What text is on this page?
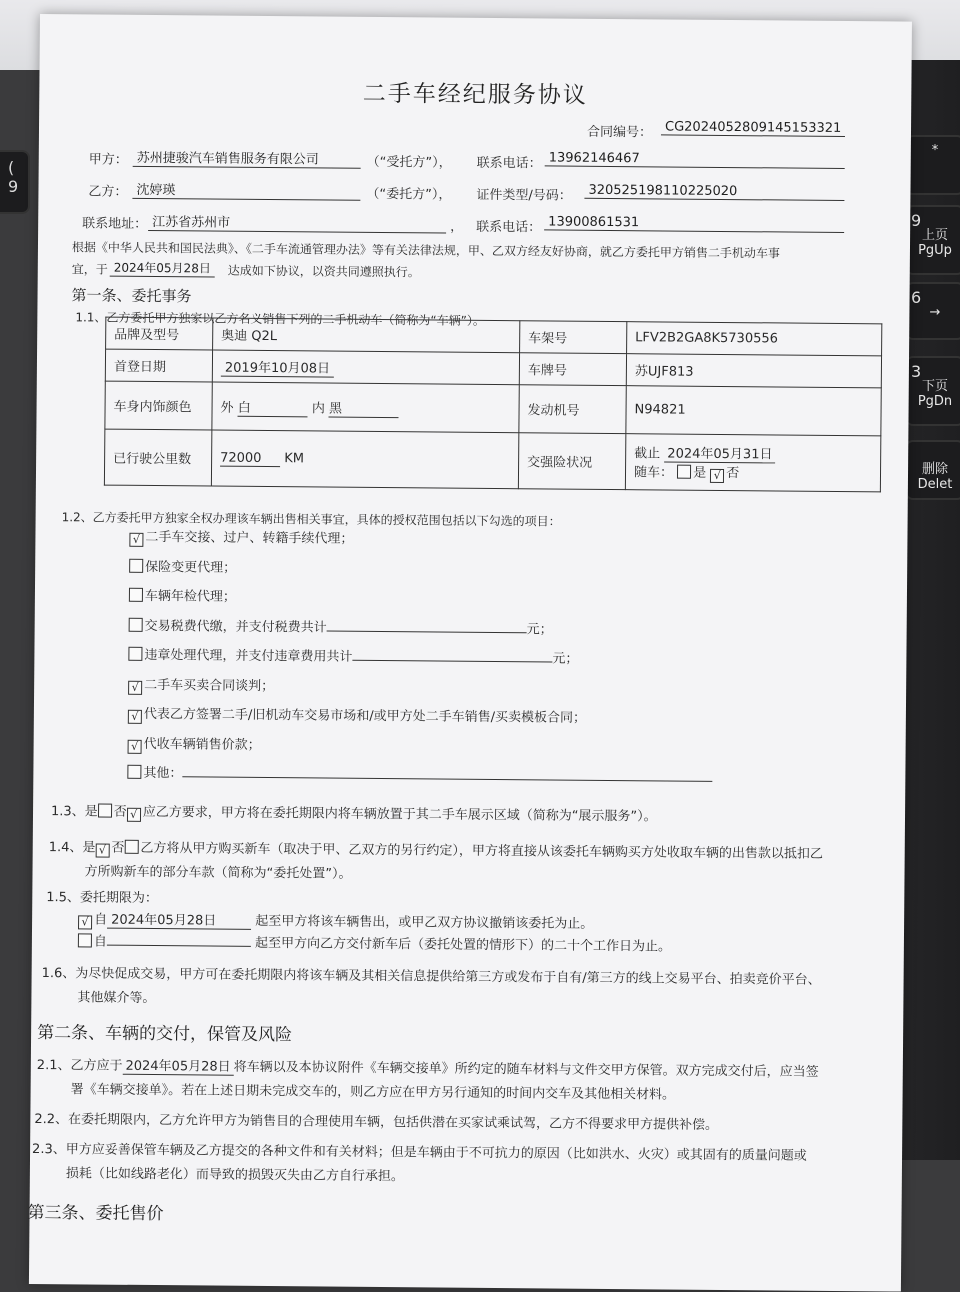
*
9
上页
PgUp
6
→
3
下页
PgDn
删除
Delet
(
9
二手车经纪服务协议
合同编号： CG2024052809145153321
甲方： 苏州捷骏汽车销售服务有限公司	（“受托方”）， 联系电话： 13962146467
乙方： 沈婷瑛	（“委托方”）， 证件类型/号码：	320525198110225020
联系地址： 江苏省苏州市	， 联系电话： 13900861531
根据《中华人民共和国民法典》、《二手车流通管理办法》等有关法律法规，甲、乙双方经友好协商，就乙方委托甲方销售二手机动车事
宜，于 2024年05月28日	达成如下协议，以资共同遵照执行。
第一条、委托事务
1.1、乙方委托甲方独家以乙方名义销售下列的二手机动车（简称为“车辆”）。
品牌及型号	奥迪 Q2L	车架号	LFV2B2GA8K5730556
首登日期	2019年10月08日	车牌号	苏UJF813
车身内饰颜色	外 白 内 黑	发动机号	N94821
已行驶公里数	72000 KM	交强险状况	截止 2024年05月31日
随车： 是 √ 否
1.2、乙方委托甲方独家全权办理该车辆出售相关事宜，具体的授权范围包括以下勾选的项目：
√ 二手车交接、过户、转籍手续代理；
保险变更代理；
车辆年检代理；
交易税费代缴，并支付税费共计	元；
违章处理代理，并支付违章费用共计	元；
√ 二手车买卖合同谈判；
√ 代表乙方签署二手/旧机动车交易市场和/或甲方处二手车销售/买卖模板合同；
√ 代收车辆销售价款；
其他：
1.3、是 否 √ 应乙方要求，甲方将在委托期限内将车辆放置于其二手车展示区域（简称为“展示服务”）。
1.4、是 √ 否 乙方将从甲方购买新车（取决于甲、乙双方的另行约定），甲方将直接从该委托车辆购买方处收取车辆的出售款以抵扣乙
方所购新车的部分车款（简称为“委托处置”）。
1.5、委托期限为：
√ 自 2024年05月28日	起至甲方将该车辆售出，或甲乙双方协议撤销该委托为止。
自	起至甲方向乙方交付新车后（委托处置的情形下）的二十个工作日为止。
1.6、为尽快促成交易，甲方可在委托期限内将该车辆及其相关信息提供给第三方或发布于自有/第三方的线上交易平台、拍卖竞价平台、
其他媒介等。
第二条、车辆的交付，保管及风险
2.1、乙方应于 2024年05月28日 将车辆以及本协议附件《车辆交接单》所约定的随车材料与文件交甲方保管。双方完成交付后，应当签
署《车辆交接单》。若在上述日期未完成交车的，则乙方应在甲方另行通知的时间内交车及其他相关材料。
2.2、在委托期限内，乙方允许甲方为销售目的合理使用车辆，包括供潜在买家试乘试驾，乙方不得要求甲方提供补偿。
2.3、甲方应妥善保管车辆及乙方提交的各种文件和有关材料；但是车辆由于不可抗力的原因（比如洪水、火灾）或其固有的质量问题或
损耗（比如线路老化）而导致的损毁灭失由乙方自行承担。
第三条、委托售价
